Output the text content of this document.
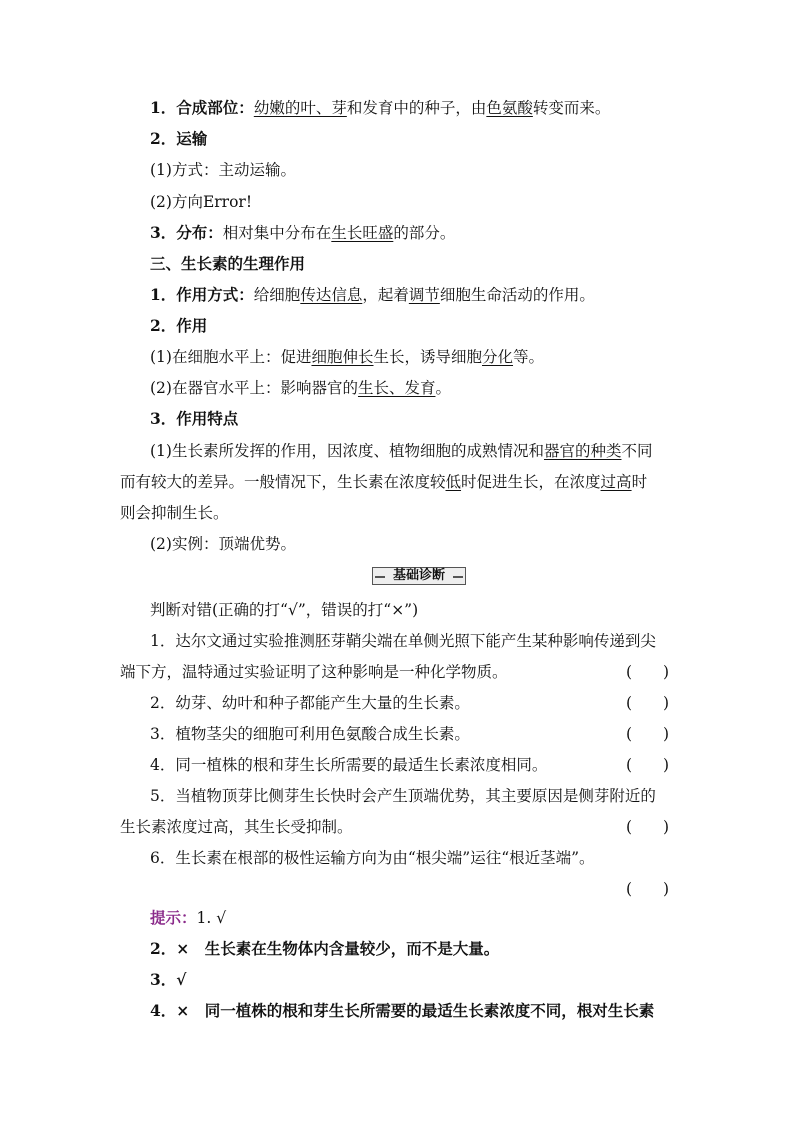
1．合成部位：幼嫩的叶、芽和发育中的种子，由色氨酸转变而来。
2．运输
(1)方式：主动运输。
(2)方向Error!
3．分布：相对集中分布在生长旺盛的部分。
三、生长素的生理作用
1．作用方式：给细胞传达信息，起着调节细胞生命活动的作用。
2．作用
(1)在细胞水平上：促进细胞伸长生长，诱导细胞分化等。
(2)在器官水平上：影响器官的生长、发育。
3．作用特点
(1)生长素所发挥的作用，因浓度、植物细胞的成熟情况和器官的种类不同
而有较大的差异。一般情况下，生长素在浓度较低时促进生长，在浓度过高时
则会抑制生长。
(2)实例：顶端优势。
基础诊断
判断对错(正确的打“√”，错误的打“×”)
1．达尔文通过实验推测胚芽鞘尖端在单侧光照下能产生某种影响传递到尖
端下方，温特通过实验证明了这种影响是一种化学物质。	(　　)
2．幼芽、幼叶和种子都能产生大量的生长素。	(　　)
3．植物茎尖的细胞可利用色氨酸合成生长素。	(　　)
4．同一植株的根和芽生长所需要的最适生长素浓度相同。	(　　)
5．当植物顶芽比侧芽生长快时会产生顶端优势，其主要原因是侧芽附近的
生长素浓度过高，其生长受抑制。	(　　)
6．生长素在根部的极性运输方向为由“根尖端”运往“根近茎端”。
(　　)
提示：1. √
2．×　生长素在生物体内含量较少，而不是大量。
3．√
4．×　同一植株的根和芽生长所需要的最适生长素浓度不同，根对生长素
